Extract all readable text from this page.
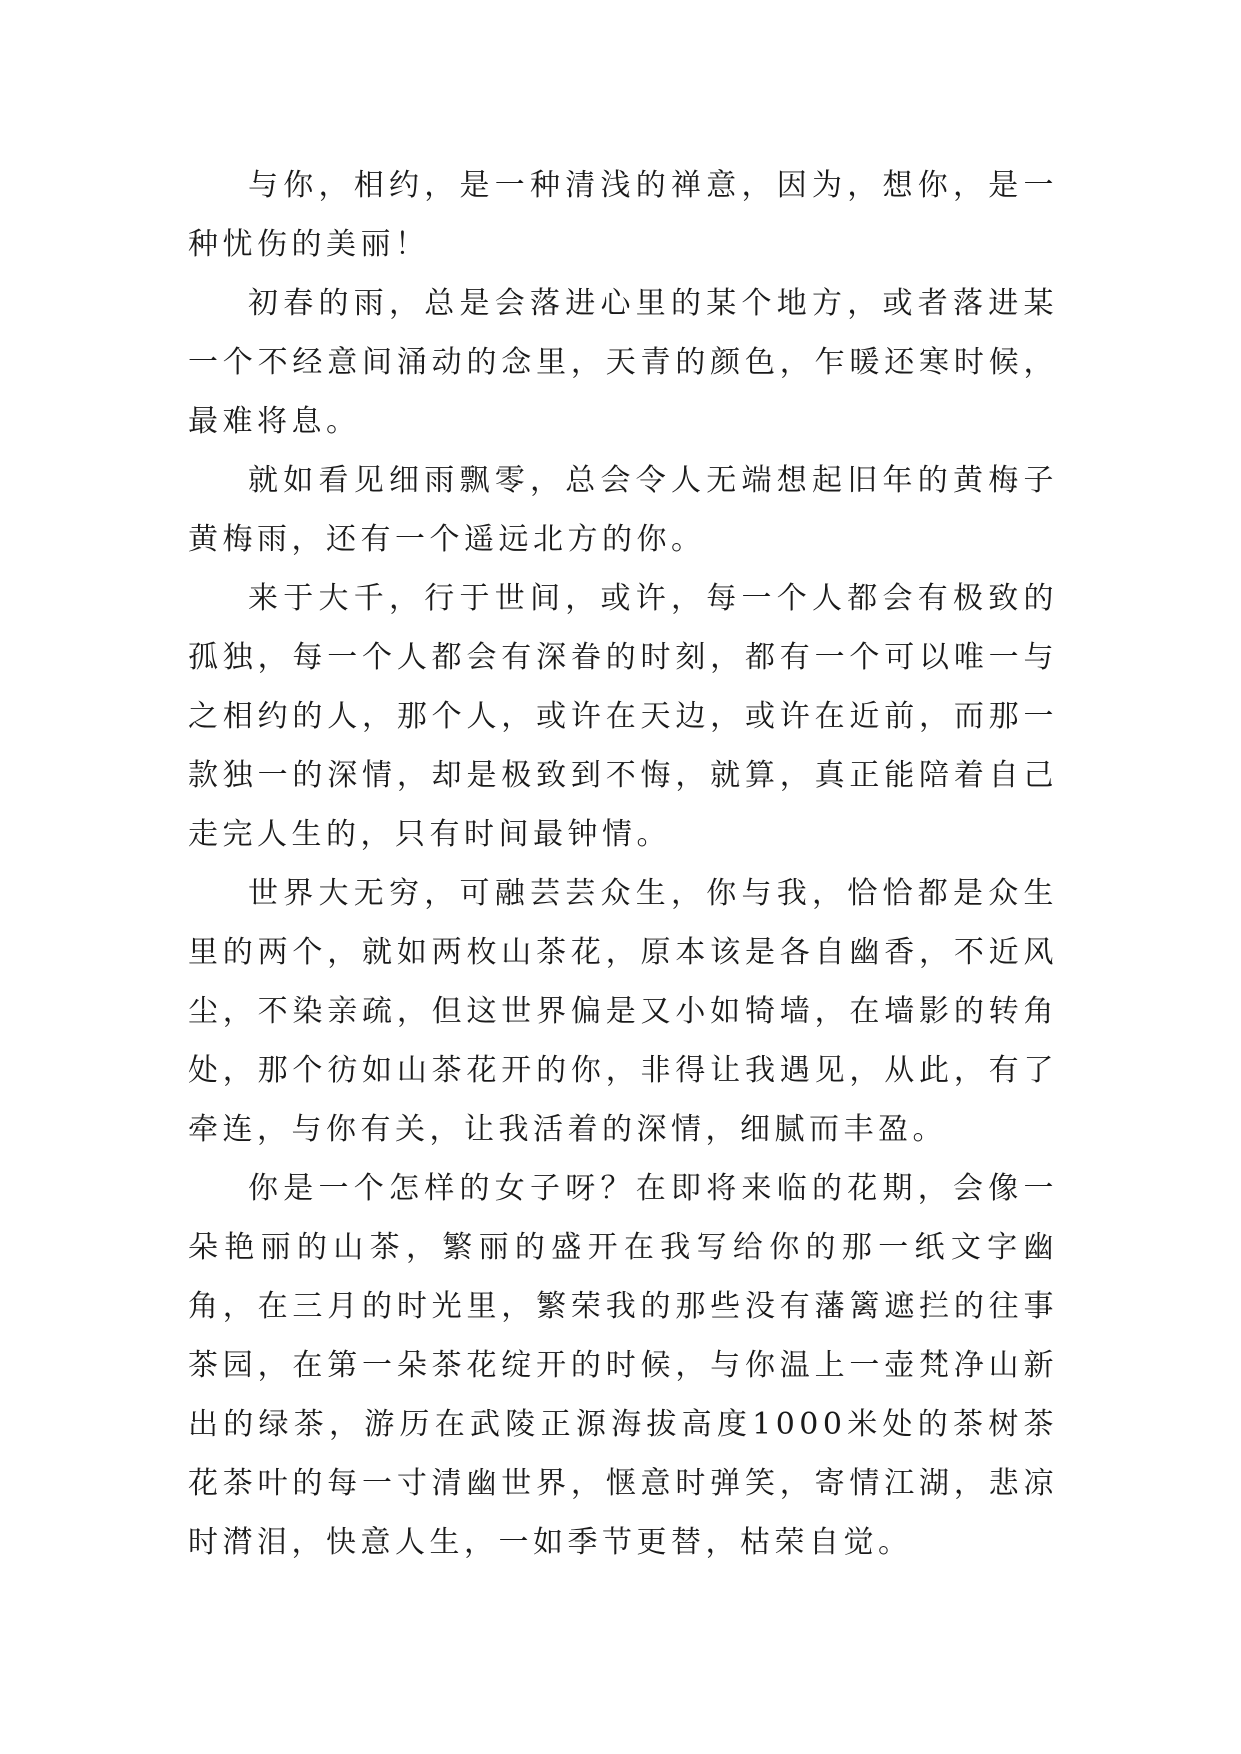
与你，相约，是一种清浅的禅意，因为，想你，是一种忧伤的美丽！

初春的雨，总是会落进心里的某个地方，或者落进某一个不经意间涌动的念里，天青的颜色，乍暖还寒时候，最难将息。

就如看见细雨飘零，总会令人无端想起旧年的黄梅子黄梅雨，还有一个遥远北方的你。

来于大千，行于世间，或许，每一个人都会有极致的孤独，每一个人都会有深眷的时刻，都有一个可以唯一与之相约的人，那个人，或许在天边，或许在近前，而那一款独一的深情，却是极致到不悔，就算，真正能陪着自己走完人生的，只有时间最钟情。

世界大无穷，可融芸芸众生，你与我，恰恰都是众生里的两个，就如两枚山茶花，原本该是各自幽香，不近风尘，不染亲疏，但这世界偏是又小如犄墙，在墙影的转角处，那个彷如山茶花开的你，非得让我遇见，从此，有了牵连，与你有关，让我活着的深情，细腻而丰盈。

你是一个怎样的女子呀？在即将来临的花期，会像一朵艳丽的山茶，繁丽的盛开在我写给你的那一纸文字幽角，在三月的时光里，繁荣我的那些没有藩篱遮拦的往事茶园，在第一朵茶花绽开的时候，与你温上一壶梵净山新出的绿茶，游历在武陵正源海拔高度1000米处的茶树茶花茶叶的每一寸清幽世界，惬意时弹笑，寄情江湖，悲凉时潸泪，快意人生，一如季节更替，枯荣自觉。
